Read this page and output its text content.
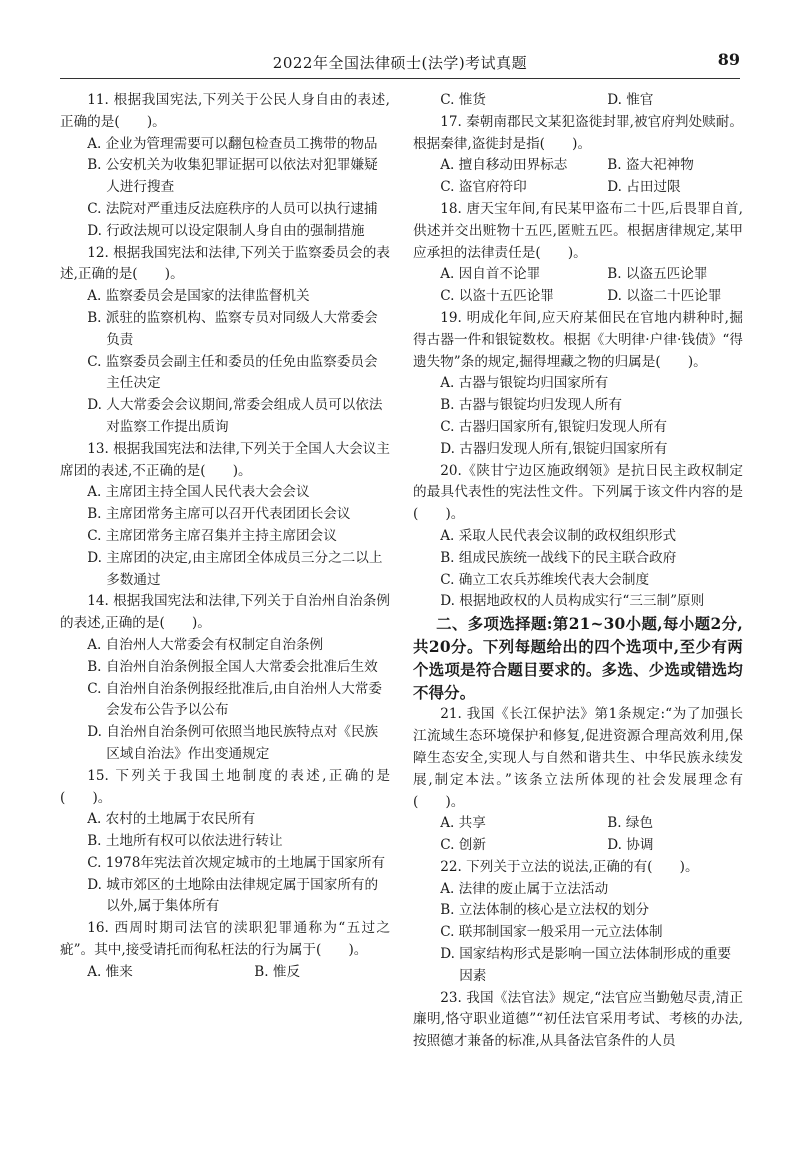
2022年全国法律硕士(法学)考试真题	89

11. 根据我国宪法,下列关于公民人身自由的表述,正确的是(　　)。

A. 企业为管理需要可以翻包检查员工携带的物品

B. 公安机关为收集犯罪证据可以依法对犯罪嫌疑人进行搜查

C. 法院对严重违反法庭秩序的人员可以执行逮捕

D. 行政法规可以设定限制人身自由的强制措施

12. 根据我国宪法和法律,下列关于监察委员会的表述,正确的是(　　)。

A. 监察委员会是国家的法律监督机关

B. 派驻的监察机构、监察专员对同级人大常委会负责

C. 监察委员会副主任和委员的任免由监察委员会主任决定

D. 人大常委会会议期间,常委会组成人员可以依法对监察工作提出质询

13. 根据我国宪法和法律,下列关于全国人大会议主席团的表述,不正确的是(　　)。

A. 主席团主持全国人民代表大会会议

B. 主席团常务主席可以召开代表团团长会议

C. 主席团常务主席召集并主持主席团会议

D. 主席团的决定,由主席团全体成员三分之二以上多数通过

14. 根据我国宪法和法律,下列关于自治州自治条例的表述,正确的是(　　)。

A. 自治州人大常委会有权制定自治条例

B. 自治州自治条例报全国人大常委会批准后生效

C. 自治州自治条例报经批准后,由自治州人大常委会发布公告予以公布

D. 自治州自治条例可依照当地民族特点对《民族区域自治法》作出变通规定

15. 下列关于我国土地制度的表述,正确的是(　　)。

A. 农村的土地属于农民所有

B. 土地所有权可以依法进行转让

C. 1978年宪法首次规定城市的土地属于国家所有

D. 城市郊区的土地除由法律规定属于国家所有的以外,属于集体所有

16. 西周时期司法官的渎职犯罪通称为“五过之疵”。其中,接受请托而徇私枉法的行为属于(　　)。

A. 惟来	B. 惟反

C. 惟货	D. 惟官

17. 秦朝南郡民文某犯盗徙封罪,被官府判处赎耐。根据秦律,盗徙封是指(　　)。

A. 擅自移动田界标志	B. 盗大祀神物

C. 盗官府符印	D. 占田过限

18. 唐天宝年间,有民某甲盗布二十匹,后畏罪自首,供述并交出赃物十五匹,匿赃五匹。根据唐律规定,某甲应承担的法律责任是(　　)。

A. 因自首不论罪	B. 以盗五匹论罪

C. 以盗十五匹论罪	D. 以盗二十匹论罪

19. 明成化年间,应天府某佃民在官地内耕种时,掘得古器一件和银锭数枚。根据《大明律·户律·钱债》“得遗失物”条的规定,掘得埋藏之物的归属是(　　)。

A. 古器与银锭均归国家所有

B. 古器与银锭均归发现人所有

C. 古器归国家所有,银锭归发现人所有

D. 古器归发现人所有,银锭归国家所有

20.《陕甘宁边区施政纲领》是抗日民主政权制定的最具代表性的宪法性文件。下列属于该文件内容的是(　　)。

A. 采取人民代表会议制的政权组织形式

B. 组成民族统一战线下的民主联合政府

C. 确立工农兵苏维埃代表大会制度

D. 根据地政权的人员构成实行“三三制”原则

二、多项选择题:第21~30小题,每小题2分,共20分。下列每题给出的四个选项中,至少有两个选项是符合题目要求的。多选、少选或错选均不得分。

21. 我国《长江保护法》第1条规定:“为了加强长江流域生态环境保护和修复,促进资源合理高效利用,保障生态安全,实现人与自然和谐共生、中华民族永续发展,制定本法。”该条立法所体现的社会发展理念有(　　)。

A. 共享	B. 绿色

C. 创新	D. 协调

22. 下列关于立法的说法,正确的有(　　)。

A. 法律的废止属于立法活动

B. 立法体制的核心是立法权的划分

C. 联邦制国家一般采用一元立法体制

D. 国家结构形式是影响一国立法体制形成的重要因素

23. 我国《法官法》规定,“法官应当勤勉尽责,清正廉明,恪守职业道德”“初任法官采用考试、考核的办法,按照德才兼备的标准,从具备法官条件的人员
